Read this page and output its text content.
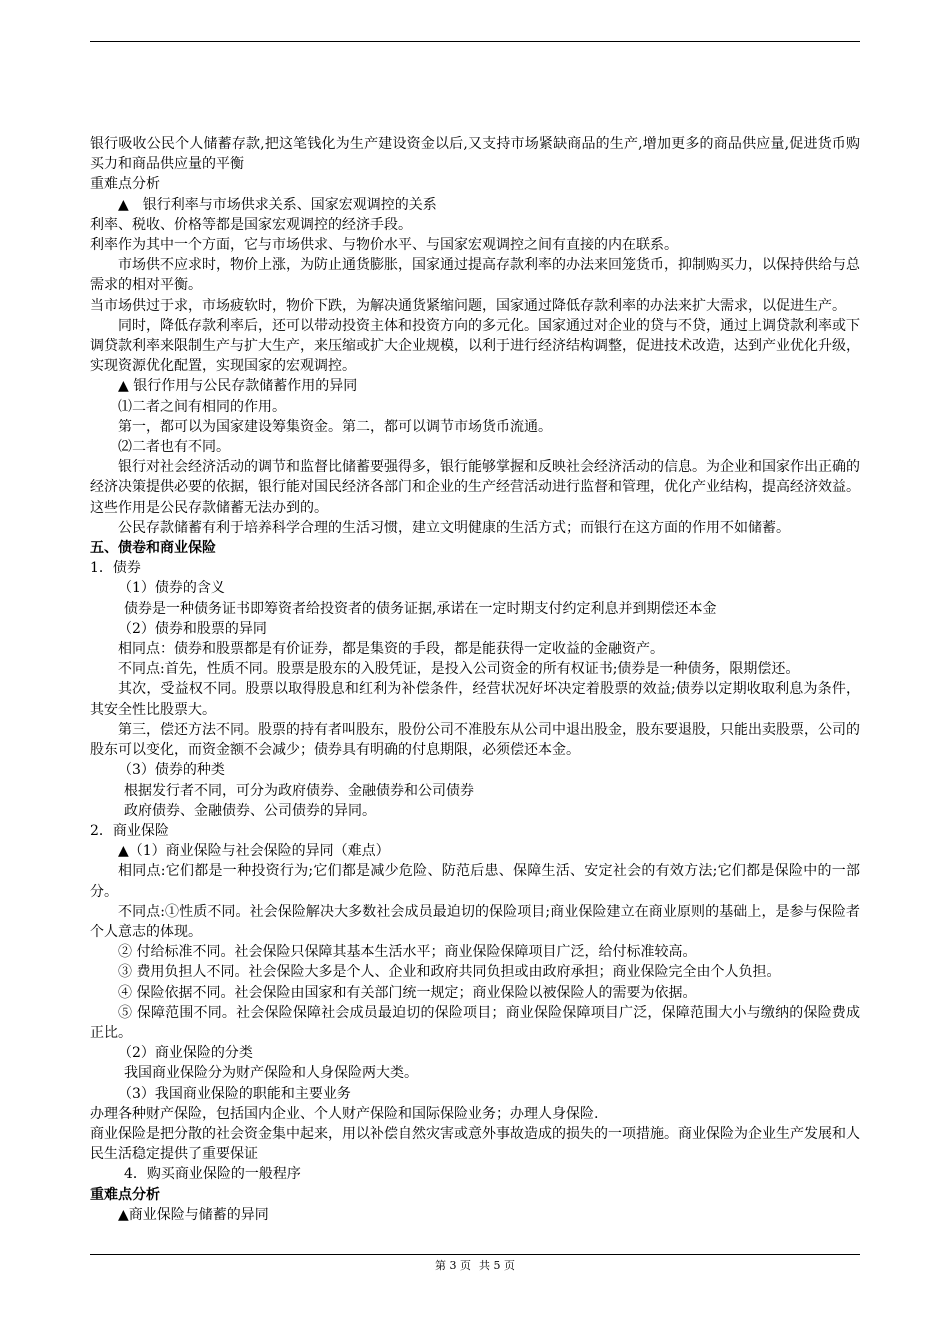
银行吸收公民个人储蓄存款,把这笔钱化为生产建设资金以后,又支持市场紧缺商品的生产,增加更多的商品供应量,促进货币购买力和商品供应量的平衡

重难点分析

▲　银行利率与市场供求关系、国家宏观调控的关系

利率、税收、价格等都是国家宏观调控的经济手段。

利率作为其中一个方面，它与市场供求、与物价水平、与国家宏观调控之间有直接的内在联系。

市场供不应求时，物价上涨，为防止通货膨胀，国家通过提高存款利率的办法来回笼货币，抑制购买力，以保持供给与总需求的相对平衡。

当市场供过于求，市场疲软时，物价下跌，为解决通货紧缩问题，国家通过降低存款利率的办法来扩大需求，以促进生产。

同时，降低存款利率后，还可以带动投资主体和投资方向的多元化。国家通过对企业的贷与不贷，通过上调贷款利率或下调贷款利率来限制生产与扩大生产，来压缩或扩大企业规模，以利于进行经济结构调整，促进技术改造，达到产业优化升级，实现资源优化配置，实现国家的宏观调控。

▲ 银行作用与公民存款储蓄作用的异同

⑴二者之间有相同的作用。

第一，都可以为国家建设筹集资金。第二，都可以调节市场货币流通。

⑵二者也有不同。

银行对社会经济活动的调节和监督比储蓄要强得多，银行能够掌握和反映社会经济活动的信息。为企业和国家作出正确的经济决策提供必要的依据，银行能对国民经济各部门和企业的生产经营活动进行监督和管理，优化产业结构，提高经济效益。这些作用是公民存款储蓄无法办到的。

公民存款储蓄有利于培养科学合理的生活习惯，建立文明健康的生活方式；而银行在这方面的作用不如储蓄。

五、债卷和商业保险

1．债券

（1）债券的含义

债券是一种债务证书即筹资者给投资者的债务证据,承诺在一定时期支付约定利息并到期偿还本金

（2）债券和股票的异同

相同点：债券和股票都是有价证券，都是集资的手段，都是能获得一定收益的金融资产。

不同点:首先，性质不同。股票是股东的入股凭证，是投入公司资金的所有权证书;债券是一种债务，限期偿还。

其次，受益权不同。股票以取得股息和红利为补偿条件，经营状况好坏决定着股票的效益;债券以定期收取利息为条件，其安全性比股票大。

第三，偿还方法不同。股票的持有者叫股东，股份公司不准股东从公司中退出股金，股东要退股，只能出卖股票，公司的股东可以变化，而资金额不会减少；债券具有明确的付息期限，必须偿还本金。

（3）债券的种类

根据发行者不同，可分为政府债券、金融债券和公司债券

政府债券、金融债券、公司债券的异同。

2．商业保险

▲（1）商业保险与社会保险的异同（难点）

相同点:它们都是一种投资行为;它们都是减少危险、防范后患、保障生活、安定社会的有效方法;它们都是保险中的一部分。

不同点:①性质不同。社会保险解决大多数社会成员最迫切的保险项目;商业保险建立在商业原则的基础上，是参与保险者个人意志的体现。

② 付给标准不同。社会保险只保障其基本生活水平；商业保险保障项目广泛，给付标准较高。

③ 费用负担人不同。社会保险大多是个人、企业和政府共同负担或由政府承担；商业保险完全由个人负担。

④ 保险依据不同。社会保险由国家和有关部门统一规定；商业保险以被保险人的需要为依据。

⑤ 保障范围不同。社会保险保障社会成员最迫切的保险项目；商业保险保障项目广泛，保障范围大小与缴纳的保险费成正比。

（2）商业保险的分类

我国商业保险分为财产保险和人身保险两大类。

（3）我国商业保险的职能和主要业务

办理各种财产保险，包括国内企业、个人财产保险和国际保险业务；办理人身保险.

商业保险是把分散的社会资金集中起来，用以补偿自然灾害或意外事故造成的损失的一项措施。商业保险为企业生产发展和人民生活稳定提供了重要保证

4．购买商业保险的一般程序

重难点分析

▲商业保险与储蓄的异同

第 3 页 共 5 页
